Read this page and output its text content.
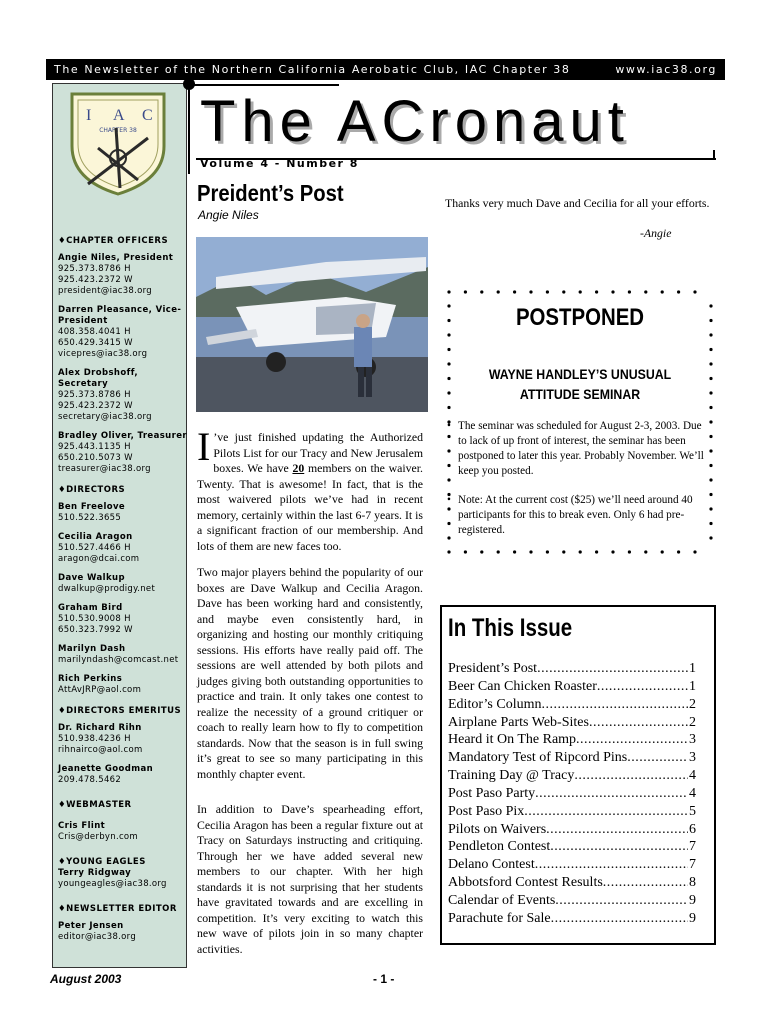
The Newsletter of the Northern California Aerobatic Club, IAC Chapter 38	www.iac38.org
I A C
CHAPTER 38 The ACronaut
Volume 4 - Number 8
♦CHAPTER OFFICERS
Angie Niles, President
925.373.8786 H
925.423.2372 W
president@iac38.org
Darren Pleasance, Vice-President
408.358.4041 H
650.429.3415 W
vicepres@iac38.org
Alex Drobshoff, Secretary
925.373.8786 H
925.423.2372 W
secretary@iac38.org
Bradley Oliver, Treasurer
925.443.1135 H
650.210.5073 W
treasurer@iac38.org
♦DIRECTORS
Ben Freelove
510.522.3655
Cecilia Aragon
510.527.4466 H
aragon@dcai.com
Dave Walkup
dwalkup@prodigy.net
Graham Bird
510.530.9008 H
650.323.7992 W
Marilyn Dash
marilyndash@comcast.net
Rich Perkins
AttAvJRP@aol.com
♦DIRECTORS EMERITUS
Dr. Richard Rihn
510.938.4236 H
rihnairco@aol.com
Jeanette Goodman
209.478.5462
♦WEBMASTER
Cris Flint
Cris@derbyn.com
♦YOUNG EAGLES
Terry Ridgway
youngeagles@iac38.org
♦NEWSLETTER EDITOR
Peter Jensen
editor@iac38.org
Preident’s Post
Angie Niles
I ’ve just finished updating the Authorized Pilots List for our Tracy and New Jerusalem boxes. We have 20 members on the waiver. Twenty. That is awesome! In fact, that is the most waivered pilots we’ve had in recent memory, certainly within the last 6-7 years. It is a significant fraction of our membership. And lots of them are new faces too.
Two major players behind the popularity of our boxes are Dave Walkup and Cecilia Aragon. Dave has been working hard and consistently, and maybe even consistently hard, in organizing and hosting our monthly critiquing sessions. His efforts have really paid off. The sessions are well attended by both pilots and judges giving both outstanding opportunities to practice and train. It only takes one contest to realize the necessity of a ground critiquer or coach to really learn how to fly to competition standards. Now that the season is in full swing it’s great to see so many participating in this monthly chapter event.
In addition to Dave’s spearheading effort, Cecilia Aragon has been a regular fixture out at Tracy on Saturdays instructing and critiquing. Through her we have added several new members to our chapter. With her high standards it is not surprising that her students have gravitated towards and are excelling in competition. It’s very exciting to watch this new wave of pilots join in so many chapter activities.
Thanks very much Dave and Cecilia for all your efforts.
-Angie
POSTPONED
WAYNE HANDLEY’S UNUSUAL ATTITUDE SEMINAR
• The seminar was scheduled for August 2-3, 2003. Due to lack of up front of interest, the seminar has been postponed to later this year. Probably November. We’ll keep you posted.
• Note: At the current cost ($25) we’ll need around 40 participants for this to break even. Only 6 had pre-registered.
In This Issue
President’s Post .....	1
Beer Can Chicken Roaster .....	1
Editor’s Column .....	2
Airplane Parts Web-Sites .....	2
Heard it On The Ramp .....	3
Mandatory Test of Ripcord Pins .....	3
Training Day @ Tracy .....	4
Post Paso Party .....	4
Post Paso Pix .....	5
Pilots on Waivers .....	6
Pendleton Contest .....	7
Delano Contest .....	7
Abbotsford Contest Results .....	8
Calendar of Events .....	9
Parachute for Sale .....	9
August 2003	- 1 -
